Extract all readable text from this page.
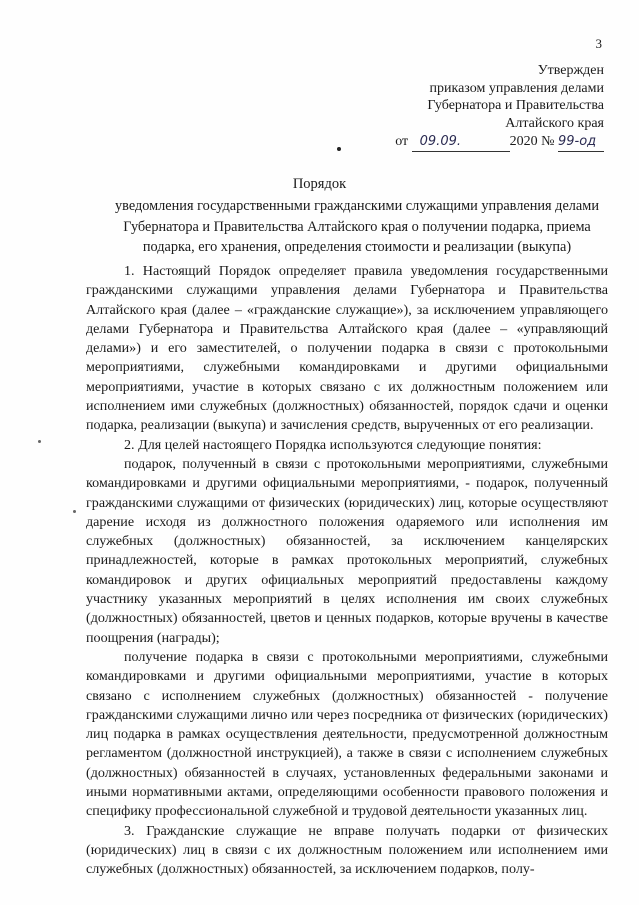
3
Утвержден
приказом управления делами
Губернатора и Правительства
Алтайского края
от 09.09.	2020 № 99-од
Порядок
уведомления государственными гражданскими служащими управления делами Губернатора и Правительства Алтайского края о получении подарка, приема подарка, его хранения, определения стоимости и реализации (выкупа)

1. Настоящий Порядок определяет правила уведомления государственными гражданскими служащими управления делами Губернатора и Правительства Алтайского края (далее – «гражданские служащие»), за исключением управляющего делами Губернатора и Правительства Алтайского края (далее – «управляющий делами») и его заместителей, о получении подарка в связи с протокольными мероприятиями, служебными командировками и другими официальными мероприятиями, участие в которых связано с их должностным положением или исполнением ими служебных (должностных) обязанностей, порядок сдачи и оценки подарка, реализации (выкупа) и зачисления средств, вырученных от его реализации.

2. Для целей настоящего Порядка используются следующие понятия:

подарок, полученный в связи с протокольными мероприятиями, служебными командировками и другими официальными мероприятиями, - подарок, полученный гражданскими служащими от физических (юридических) лиц, которые осуществляют дарение исходя из должностного положения одаряемого или исполнения им служебных (должностных) обязанностей, за исключением канцелярских принадлежностей, которые в рамках протокольных мероприятий, служебных командировок и других официальных мероприятий предоставлены каждому участнику указанных мероприятий в целях исполнения им своих служебных (должностных) обязанностей, цветов и ценных подарков, которые вручены в качестве поощрения (награды);

получение подарка в связи с протокольными мероприятиями, служебными командировками и другими официальными мероприятиями, участие в которых связано с исполнением служебных (должностных) обязанностей - получение гражданскими служащими лично или через посредника от физических (юридических) лиц подарка в рамках осуществления деятельности, предусмотренной должностным регламентом (должностной инструкцией), а также в связи с исполнением служебных (должностных) обязанностей в случаях, установленных федеральными законами и иными нормативными актами, определяющими особенности правового положения и специфику профессиональной служебной и трудовой деятельности указанных лиц.

3. Гражданские служащие не вправе получать подарки от физических (юридических) лиц в связи с их должностным положением или исполнением ими служебных (должностных) обязанностей, за исключением подарков, полу-
